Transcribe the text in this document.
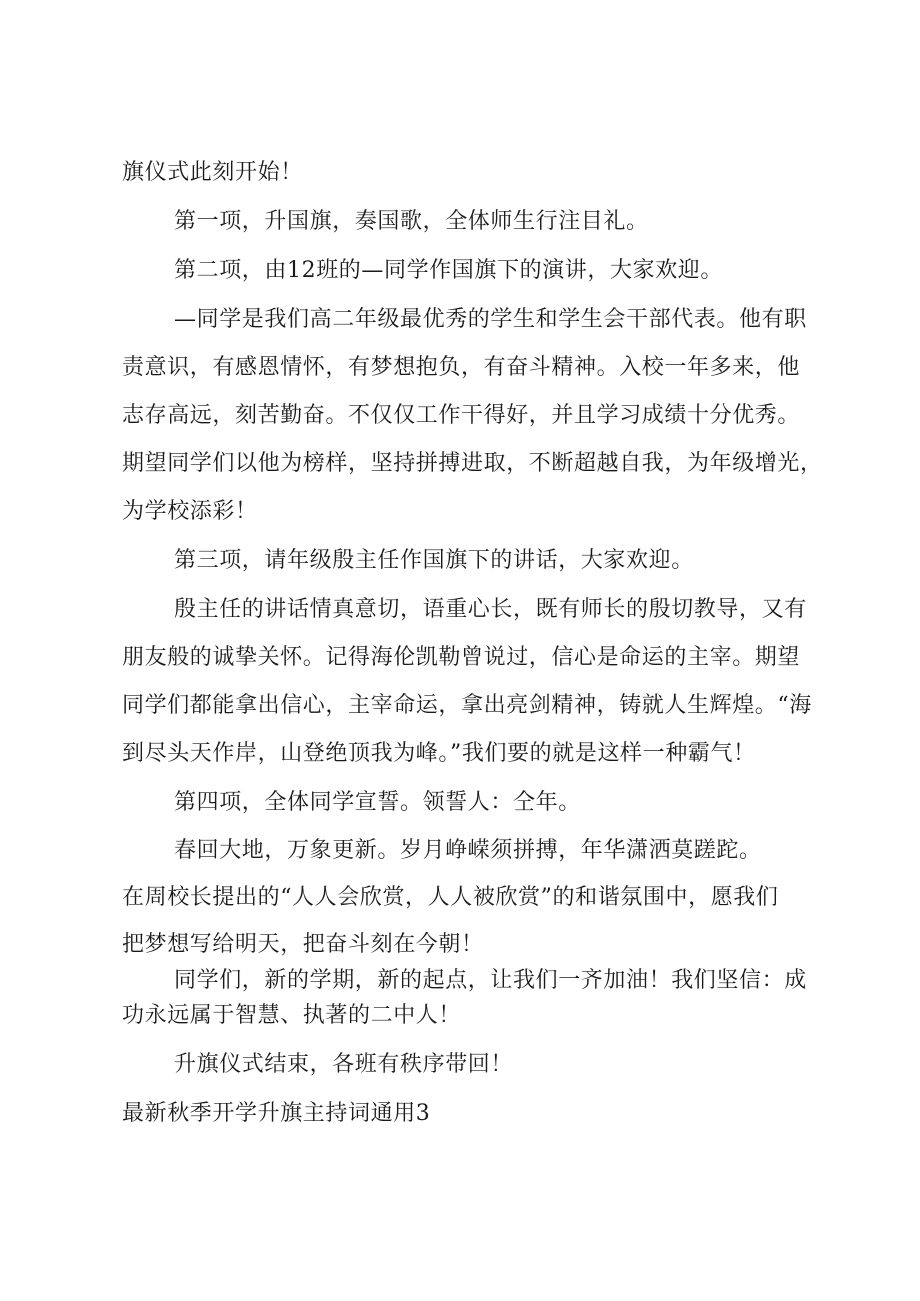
旗仪式此刻开始！

第一项，升国旗，奏国歌，全体师生行注目礼。

第二项，由12班的—同学作国旗下的演讲，大家欢迎。

—同学是我们高二年级最优秀的学生和学生会干部代表。他有职

责意识，有感恩情怀，有梦想抱负，有奋斗精神。入校一年多来，他

志存高远，刻苦勤奋。不仅仅工作干得好，并且学习成绩十分优秀。

期望同学们以他为榜样，坚持拼搏进取，不断超越自我，为年级增光，

为学校添彩！

第三项，请年级殷主任作国旗下的讲话，大家欢迎。

殷主任的讲话情真意切，语重心长，既有师长的殷切教导，又有

朋友般的诚挚关怀。记得海伦凯勒曾说过，信心是命运的主宰。期望

同学们都能拿出信心，主宰命运，拿出亮剑精神，铸就人生辉煌。“海

到尽头天作岸，山登绝顶我为峰。”我们要的就是这样一种霸气！

第四项，全体同学宣誓。领誓人：仝年。

春回大地，万象更新。岁月峥嵘须拼搏，年华潇洒莫蹉跎。

在周校长提出的“人人会欣赏，人人被欣赏”的和谐氛围中，愿我们

把梦想写给明天，把奋斗刻在今朝！

同学们，新的学期，新的起点，让我们一齐加油！我们坚信：成

功永远属于智慧、执著的二中人！

升旗仪式结束，各班有秩序带回！

最新秋季开学升旗主持词通用3
